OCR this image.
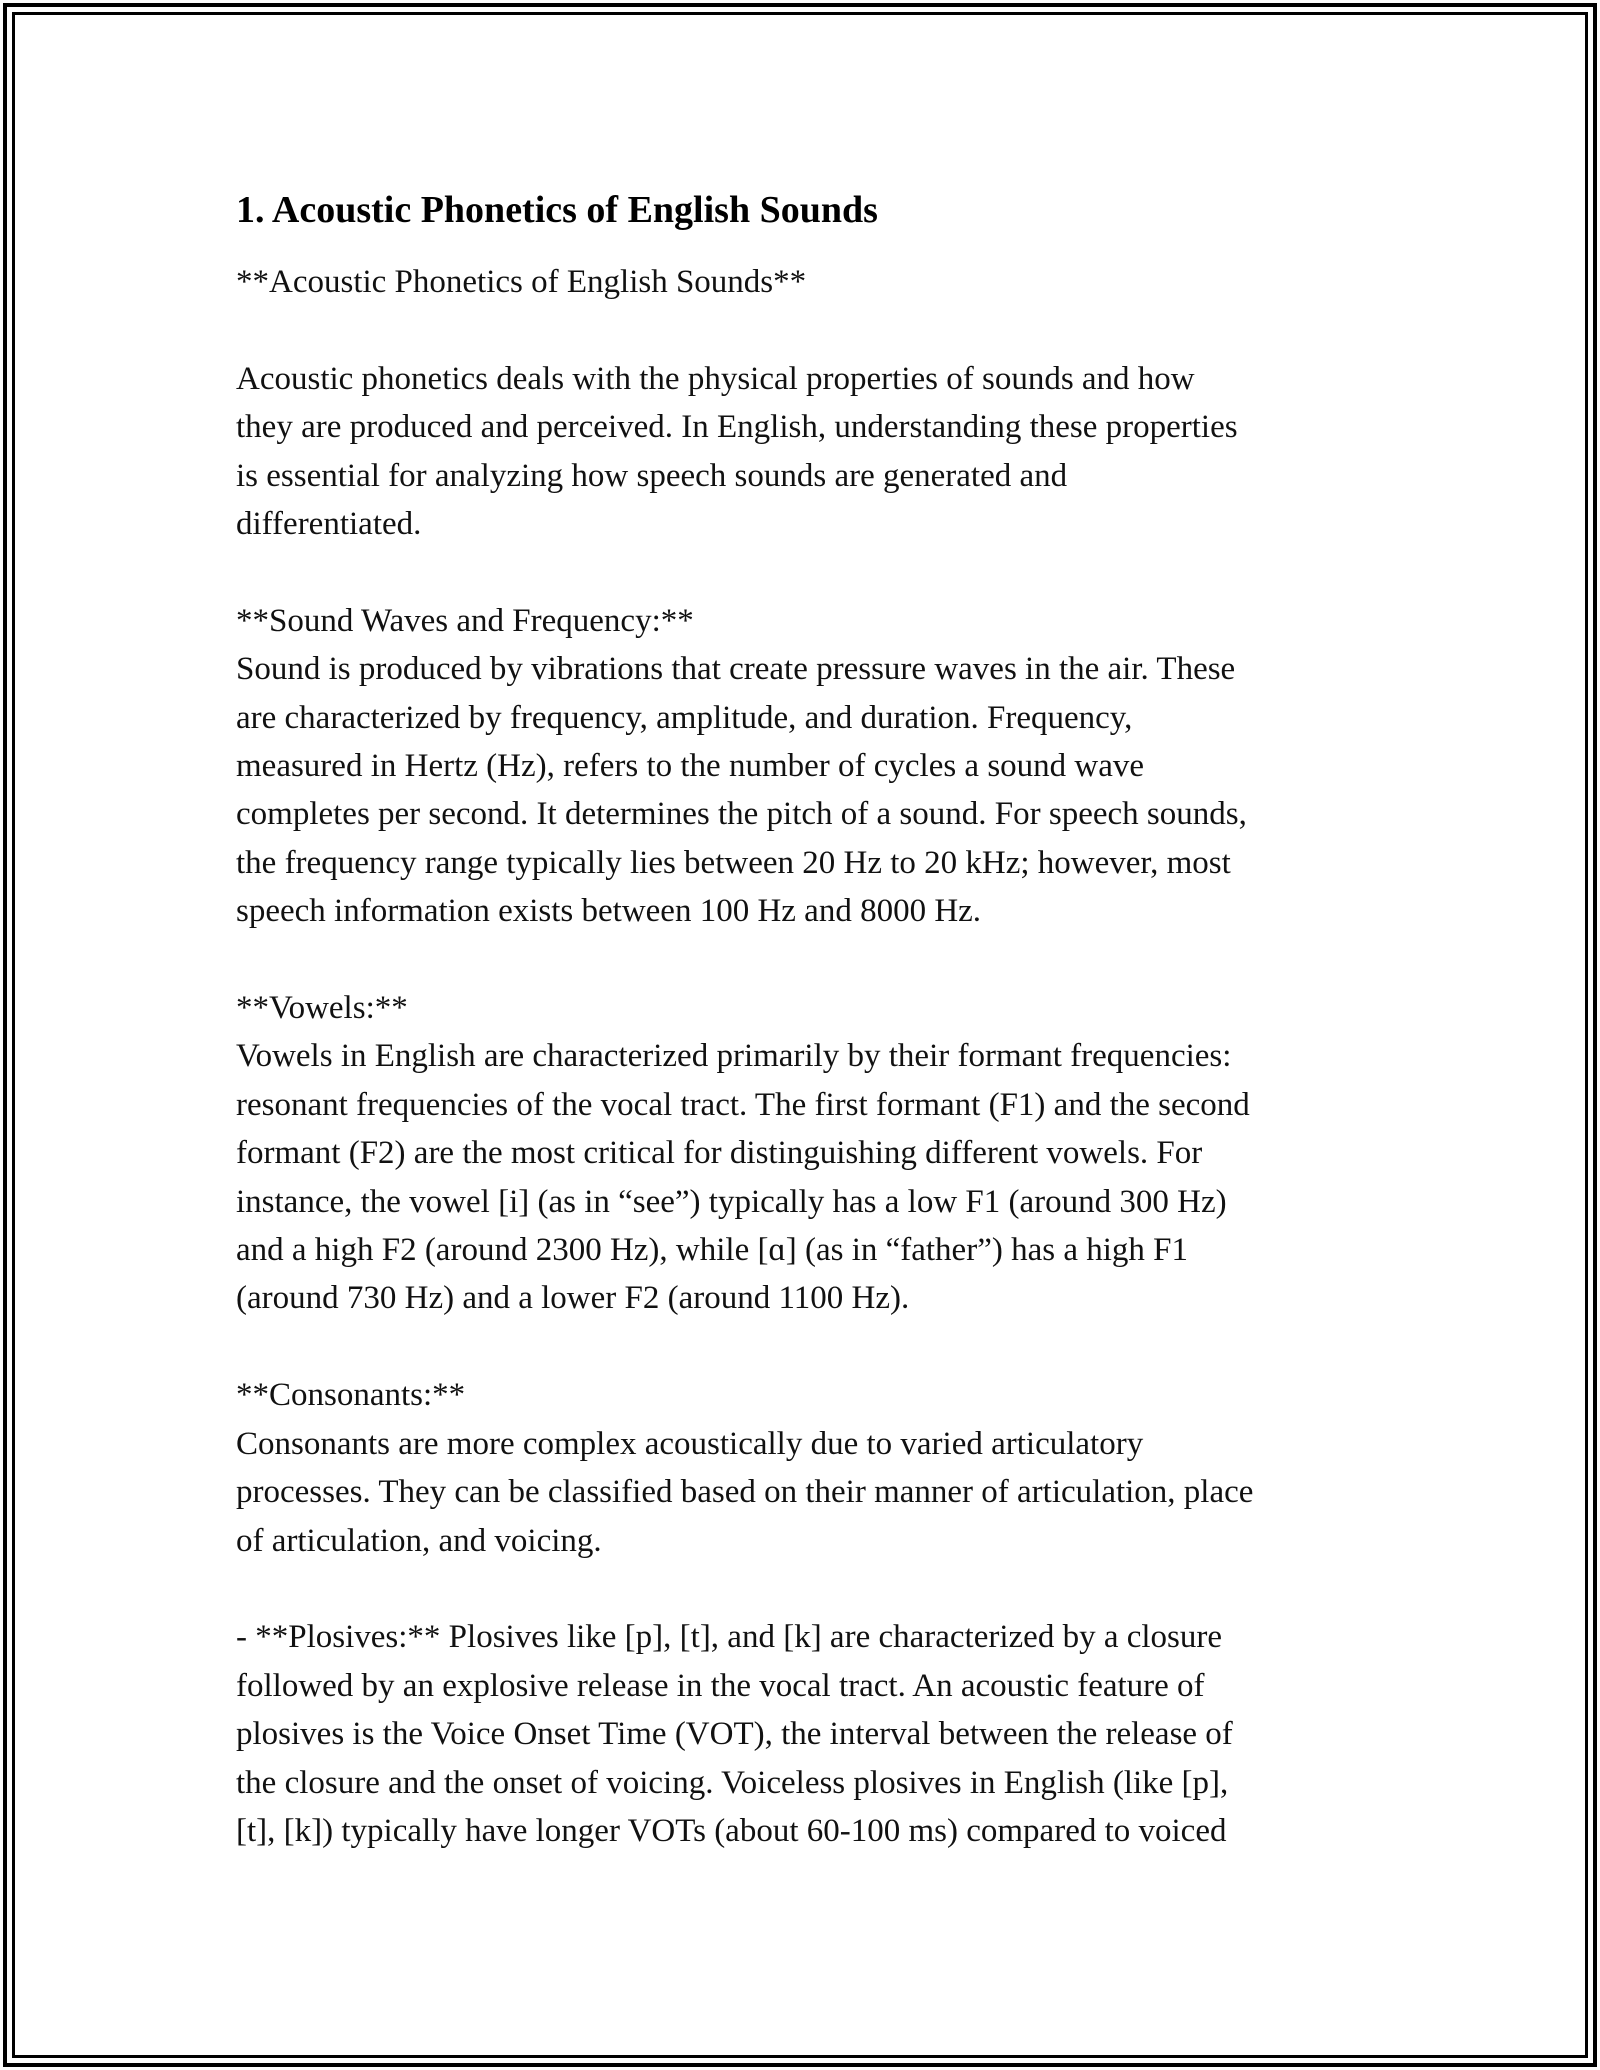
1. Acoustic Phonetics of English Sounds

**Acoustic Phonetics of English Sounds**

Acoustic phonetics deals with the physical properties of sounds and how
they are produced and perceived. In English, understanding these properties
is essential for analyzing how speech sounds are generated and
differentiated.

**Sound Waves and Frequency:**
Sound is produced by vibrations that create pressure waves in the air. These
are characterized by frequency, amplitude, and duration. Frequency,
measured in Hertz (Hz), refers to the number of cycles a sound wave
completes per second. It determines the pitch of a sound. For speech sounds,
the frequency range typically lies between 20 Hz to 20 kHz; however, most
speech information exists between 100 Hz and 8000 Hz.

**Vowels:**
Vowels in English are characterized primarily by their formant frequencies:
resonant frequencies of the vocal tract. The first formant (F1) and the second
formant (F2) are the most critical for distinguishing different vowels. For
instance, the vowel [i] (as in “see”) typically has a low F1 (around 300 Hz)
and a high F2 (around 2300 Hz), while [ɑ] (as in “father”) has a high F1
(around 730 Hz) and a lower F2 (around 1100 Hz).

**Consonants:**
Consonants are more complex acoustically due to varied articulatory
processes. They can be classified based on their manner of articulation, place
of articulation, and voicing.

- **Plosives:** Plosives like [p], [t], and [k] are characterized by a closure
followed by an explosive release in the vocal tract. An acoustic feature of
plosives is the Voice Onset Time (VOT), the interval between the release of
the closure and the onset of voicing. Voiceless plosives in English (like [p],
[t], [k]) typically have longer VOTs (about 60-100 ms) compared to voiced
